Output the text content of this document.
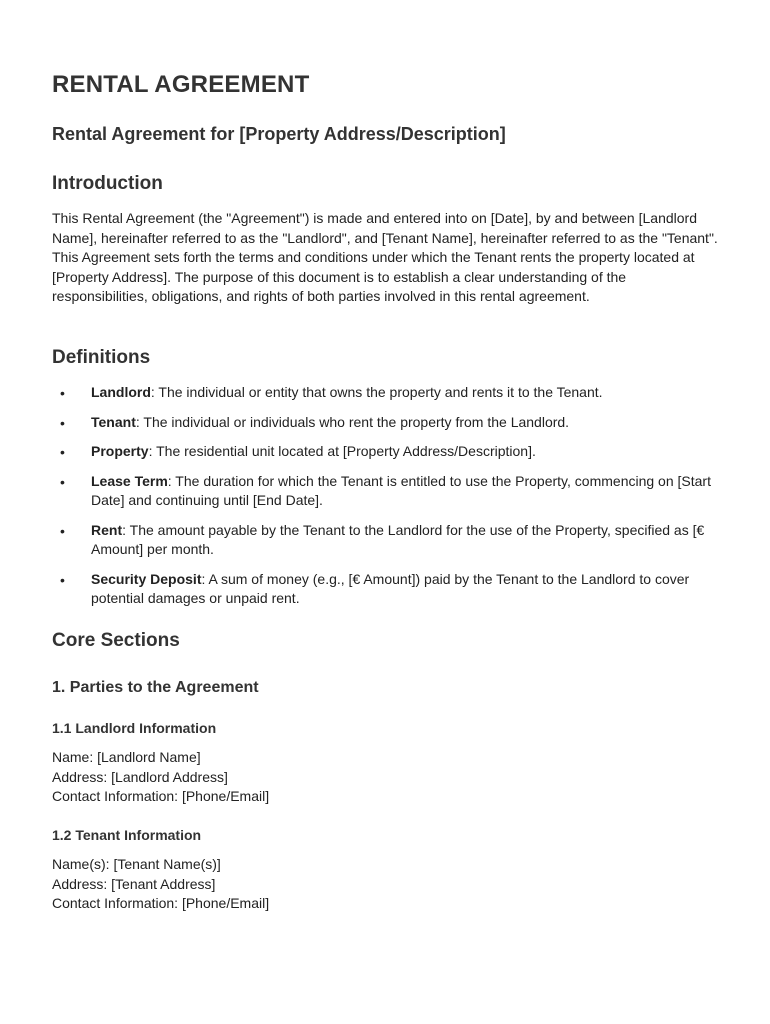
RENTAL AGREEMENT
Rental Agreement for [Property Address/Description]
Introduction

This Rental Agreement (the "Agreement") is made and entered into on [Date], by and between [Landlord Name], hereinafter referred to as the "Landlord", and [Tenant Name], hereinafter referred to as the "Tenant". This Agreement sets forth the terms and conditions under which the Tenant rents the property located at [Property Address]. The purpose of this document is to establish a clear understanding of the responsibilities, obligations, and rights of both parties involved in this rental agreement.

Definitions
• Landlord: The individual or entity that owns the property and rents it to the Tenant.
• Tenant: The individual or individuals who rent the property from the Landlord.
• Property: The residential unit located at [Property Address/Description].
• Lease Term: The duration for which the Tenant is entitled to use the Property, commencing on [Start Date] and continuing until [End Date].
• Rent: The amount payable by the Tenant to the Landlord for the use of the Property, specified as [€ Amount] per month.
• Security Deposit: A sum of money (e.g., [€ Amount]) paid by the Tenant to the Landlord to cover potential damages or unpaid rent.
Core Sections
1. Parties to the Agreement
1.1 Landlord Information
Name: [Landlord Name]
Address: [Landlord Address]
Contact Information: [Phone/Email]
1.2 Tenant Information
Name(s): [Tenant Name(s)]
Address: [Tenant Address]
Contact Information: [Phone/Email]
